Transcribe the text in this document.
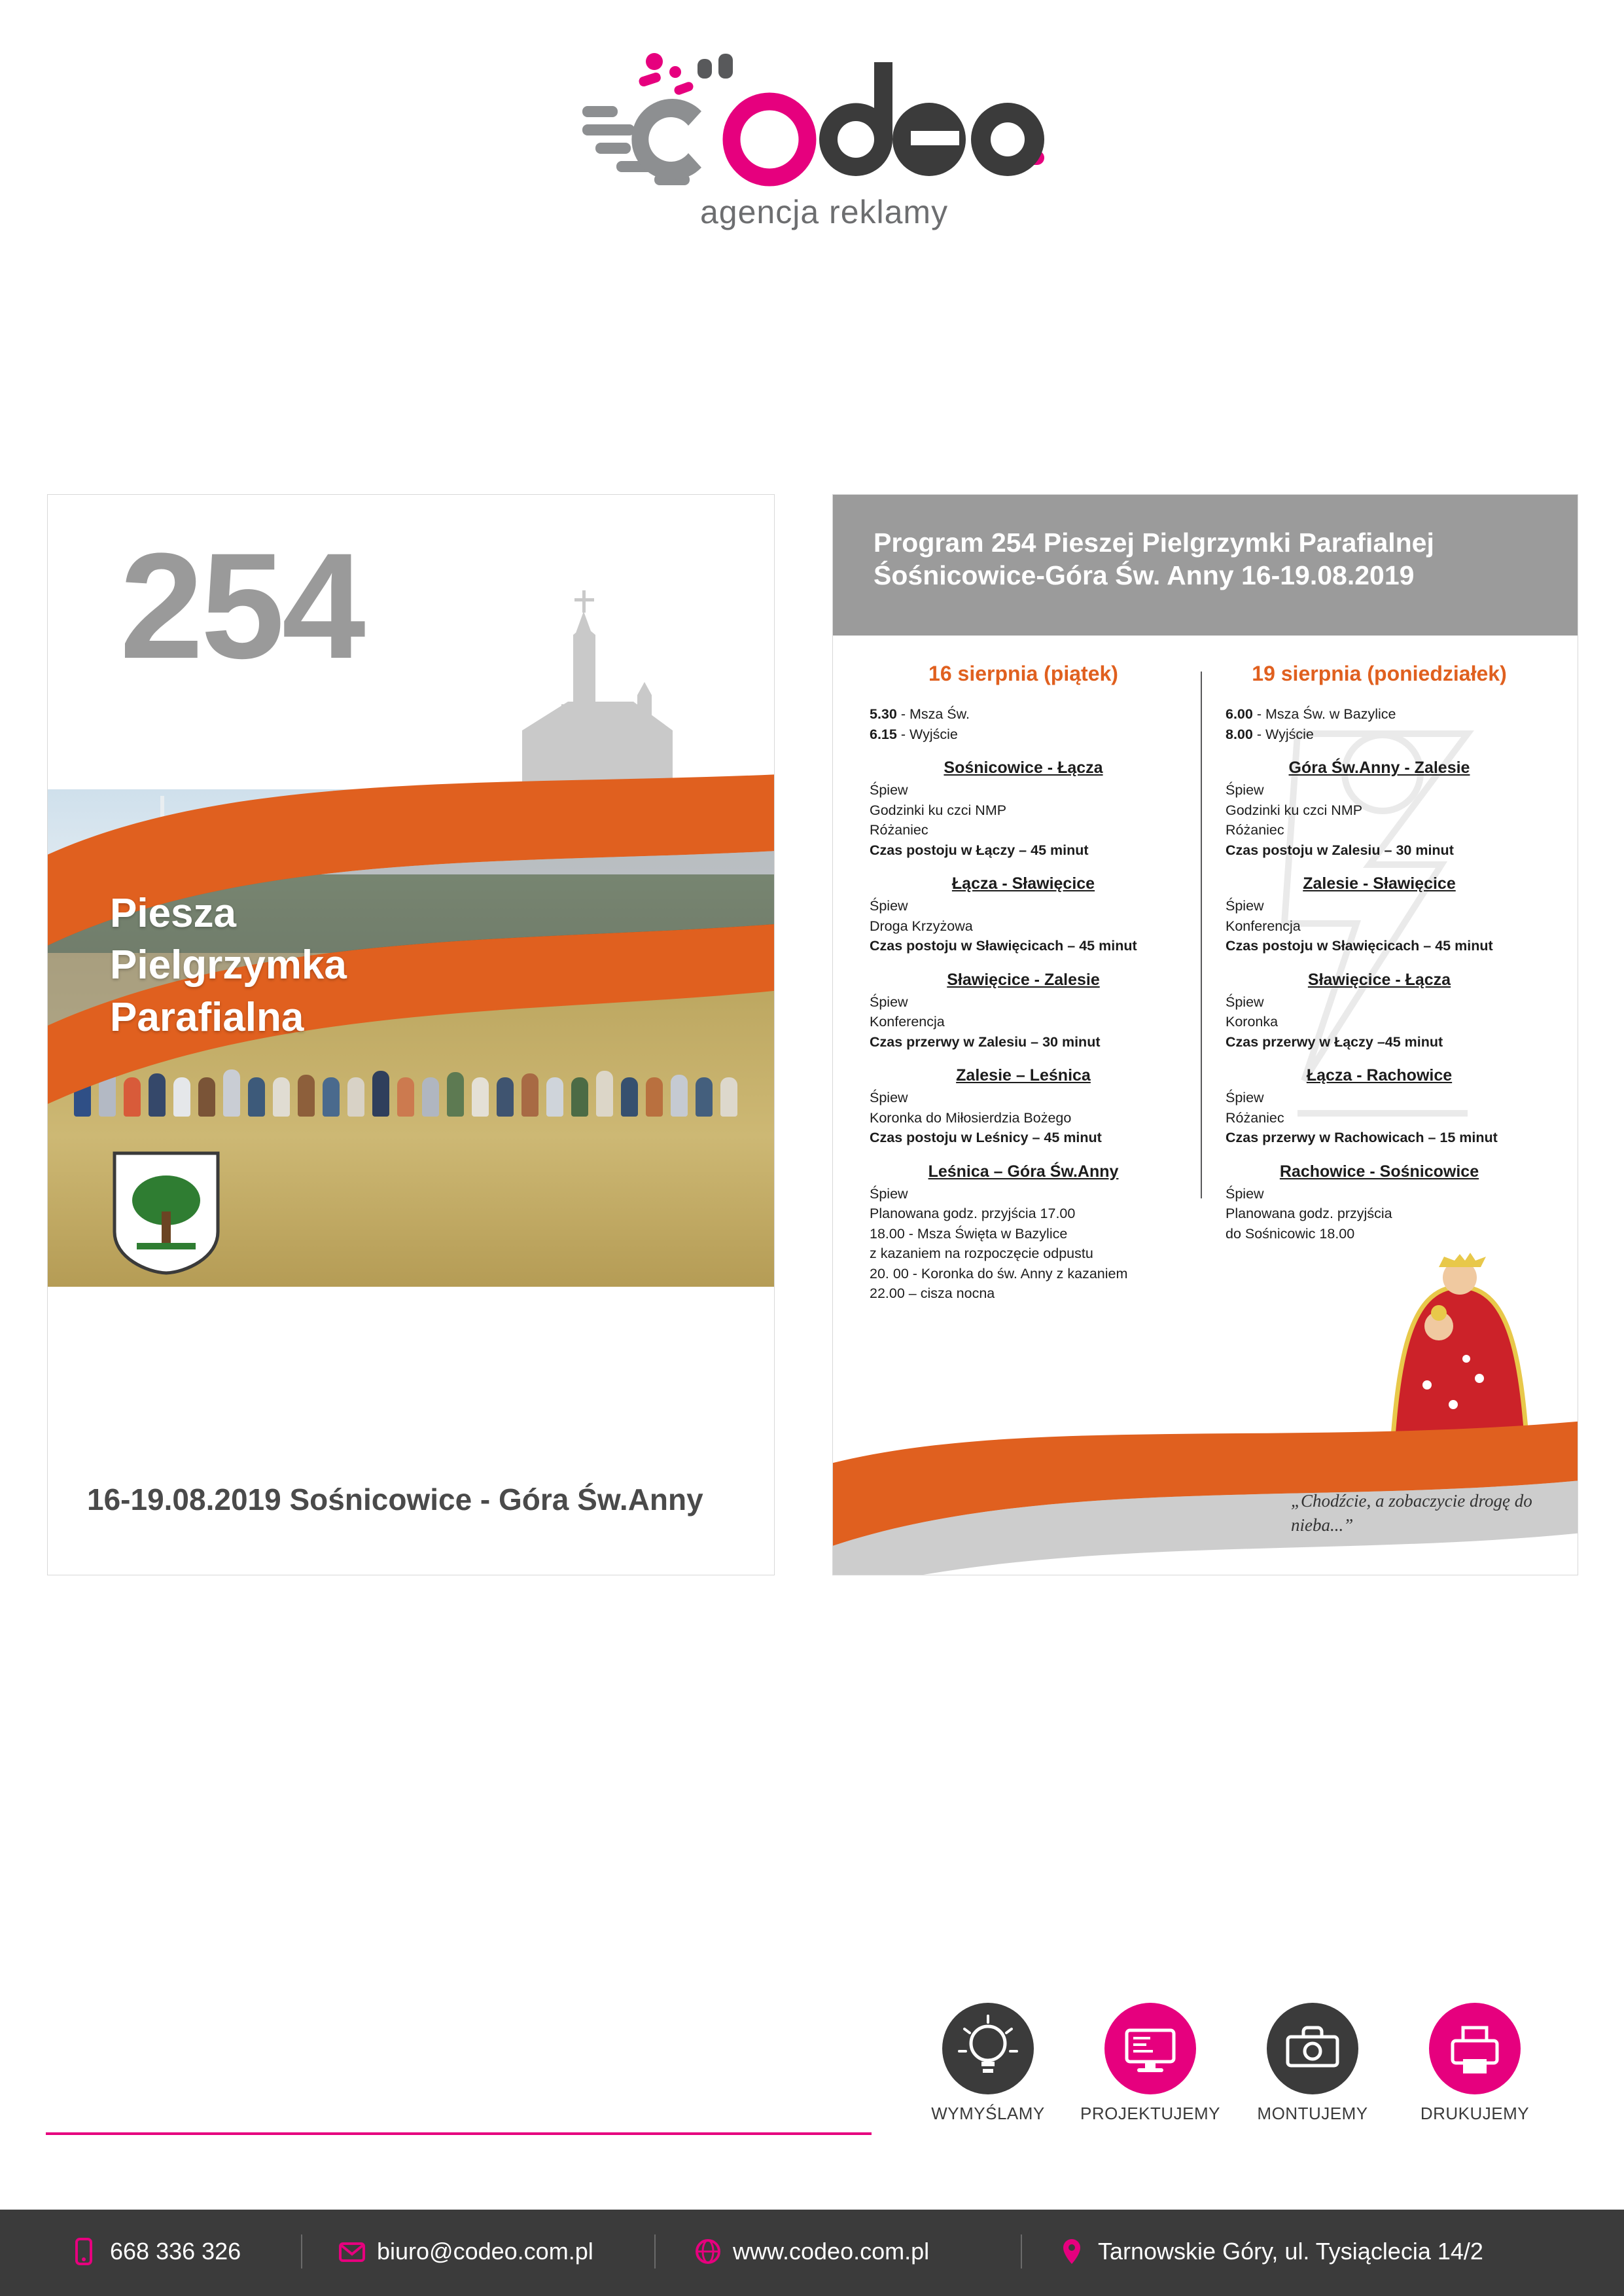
agencja reklamy
254
Piesza
Pielgrzymka
Parafialna
16-19.08.2019 Sośnicowice - Góra Św.Anny
Program 254 Pieszej Pielgrzymki Parafialnej
Śośnicowice-Góra Św. Anny 16-19.08.2019
16 sierpnia (piątek)
5.30 - Msza Św.
6.15 - Wyjście
Sośnicowice - Łącza
Śpiew
Godzinki ku czci NMP
Różaniec
Czas postoju w Łączy – 45 minut
Łącza - Sławięcice
Śpiew
Droga Krzyżowa
Czas postoju w Sławięcicach – 45 minut
Sławięcice - Zalesie
Śpiew
Konferencja
Czas przerwy w Zalesiu – 30 minut
Zalesie – Leśnica
Śpiew
Koronka do Miłosierdzia Bożego
Czas postoju w Leśnicy – 45 minut
Leśnica – Góra Św.Anny
Śpiew
Planowana godz. przyjścia 17.00
18.00 - Msza Święta w Bazylice
z kazaniem na rozpoczęcie odpustu
20. 00 - Koronka do św. Anny z kazaniem
22.00 – cisza nocna
19 sierpnia (poniedziałek)
6.00 - Msza Św. w Bazylice
8.00 - Wyjście
Góra Św.Anny - Zalesie
Śpiew
Godzinki ku czci NMP
Różaniec
Czas postoju w Zalesiu – 30 minut
Zalesie - Sławięcice
Śpiew
Konferencja
Czas postoju w Sławięcicach – 45 minut
Sławięcice - Łącza
Śpiew
Koronka
Czas przerwy w Łączy –45 minut
Łącza - Rachowice
Śpiew
Różaniec
Czas przerwy w Rachowicach – 15 minut
Rachowice - Sośnicowice
Śpiew
Planowana godz. przyjścia
do Sośnicowic 18.00
„Chodźcie, a zobaczycie drogę do nieba...”
WYMYŚLAMY	PROJEKTUJEMY	MONTUJEMY	DRUKUJEMY
668 336 326	biuro@codeo.com.pl	www.codeo.com.pl	Tarnowskie Góry, ul. Tysiąclecia 14/2
